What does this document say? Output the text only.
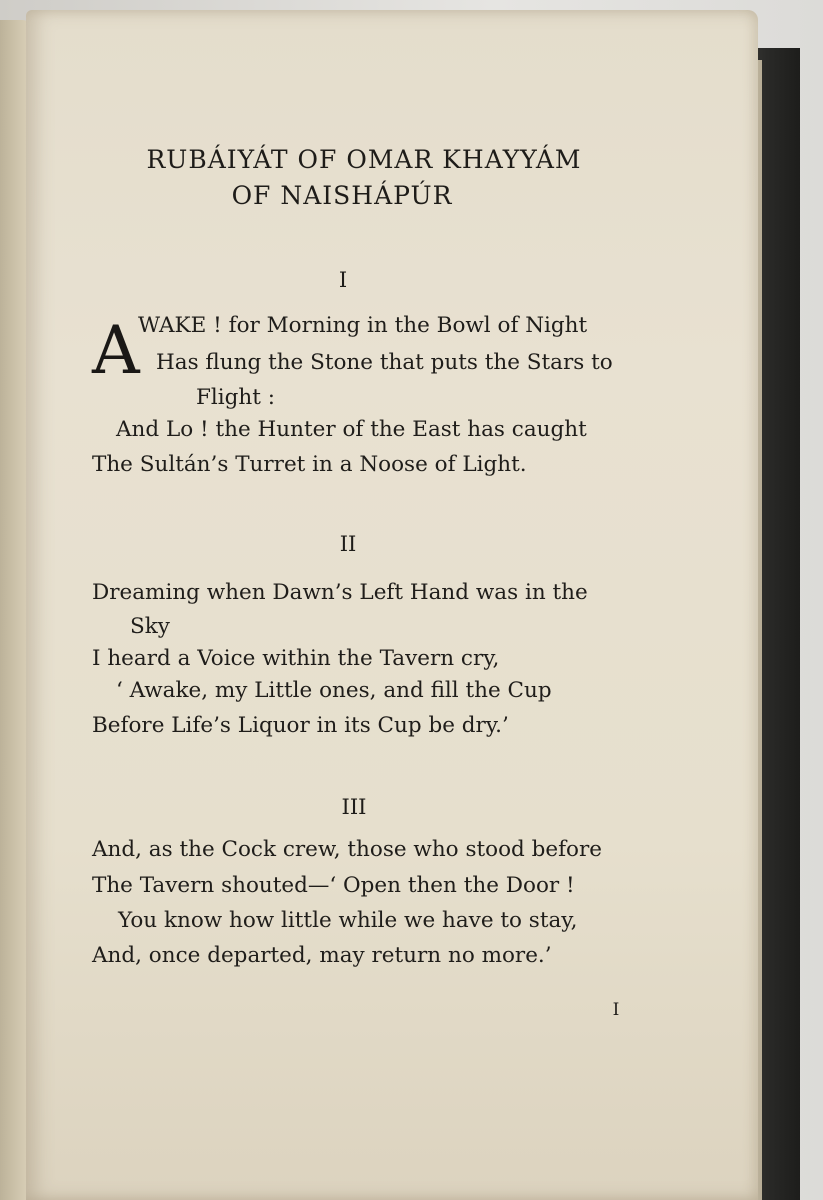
RUBÁIYÁT OF OMAR KHAYYÁM
OF NAISHÁPÚR
I
A
WAKE ! for Morning in the Bowl of Night
Has flung the Stone that puts the Stars to
Flight :
And Lo ! the Hunter of the East has caught
The Sultán’s Turret in a Noose of Light.
II
Dreaming when Dawn’s Left Hand was in the
Sky
I heard a Voice within the Tavern cry,
‘ Awake, my Little ones, and fill the Cup
Before Life’s Liquor in its Cup be dry.’
III
And, as the Cock crew, those who stood before
The Tavern shouted—‘ Open then the Door !
You know how little while we have to stay,
And, once departed, may return no more.’
I
